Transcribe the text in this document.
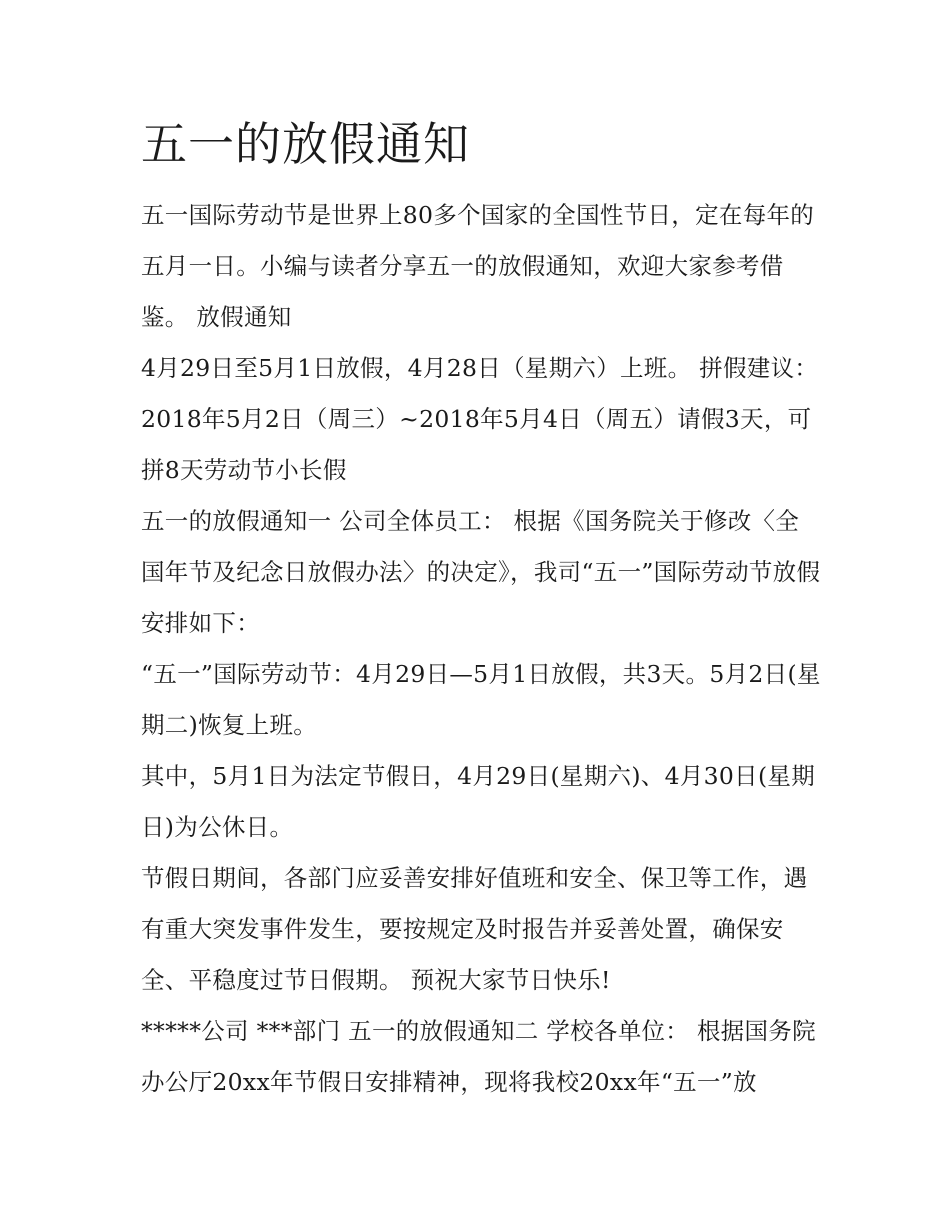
五一的放假通知

五一国际劳动节是世界上80多个国家的全国性节日，定在每年的五月一日。小编与读者分享五一的放假通知，欢迎大家参考借鉴。 放假通知

4月29日至5月1日放假，4月28日（星期六）上班。 拼假建议：2018年5月2日（周三）~2018年5月4日（周五）请假3天，可拼8天劳动节小长假

五一的放假通知一 公司全体员工： 根据《国务院关于修改〈全国年节及纪念日放假办法〉的决定》，我司“五一”国际劳动节放假安排如下：

“五一”国际劳动节：4月29日—5月1日放假，共3天。5月2日(星期二)恢复上班。

其中，5月1日为法定节假日，4月29日(星期六)、4月30日(星期日)为公休日。

节假日期间，各部门应妥善安排好值班和安全、保卫等工作，遇有重大突发事件发生，要按规定及时报告并妥善处置，确保安全、平稳度过节日假期。 预祝大家节日快乐!

*****公司 ***部门 五一的放假通知二 学校各单位： 根据国务院办公厅20xx年节假日安排精神，现将我校20xx年“五一”放
